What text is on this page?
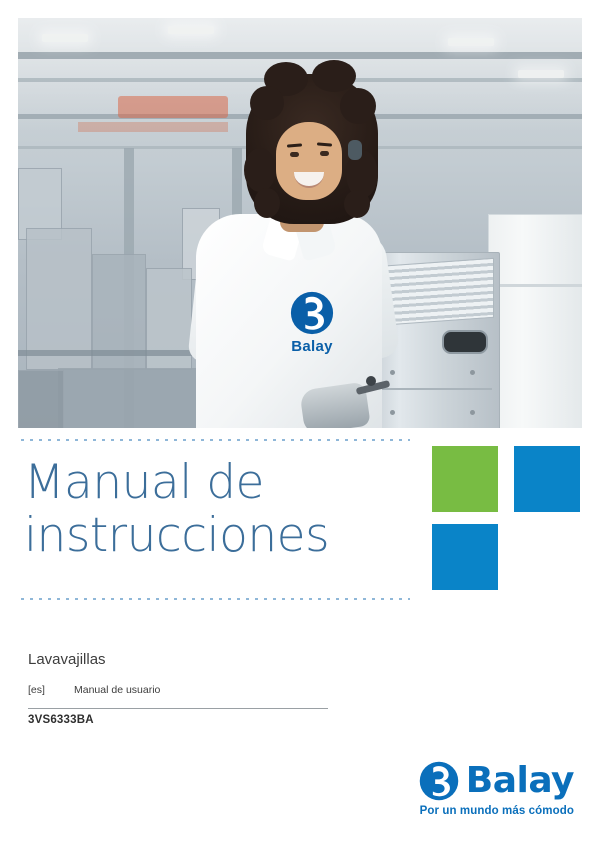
Balay
Manual de
instrucciones
Lavavajillas
[es]	Manual de usuario
3VS6333BA
Balay
Por un mundo más cómodo
